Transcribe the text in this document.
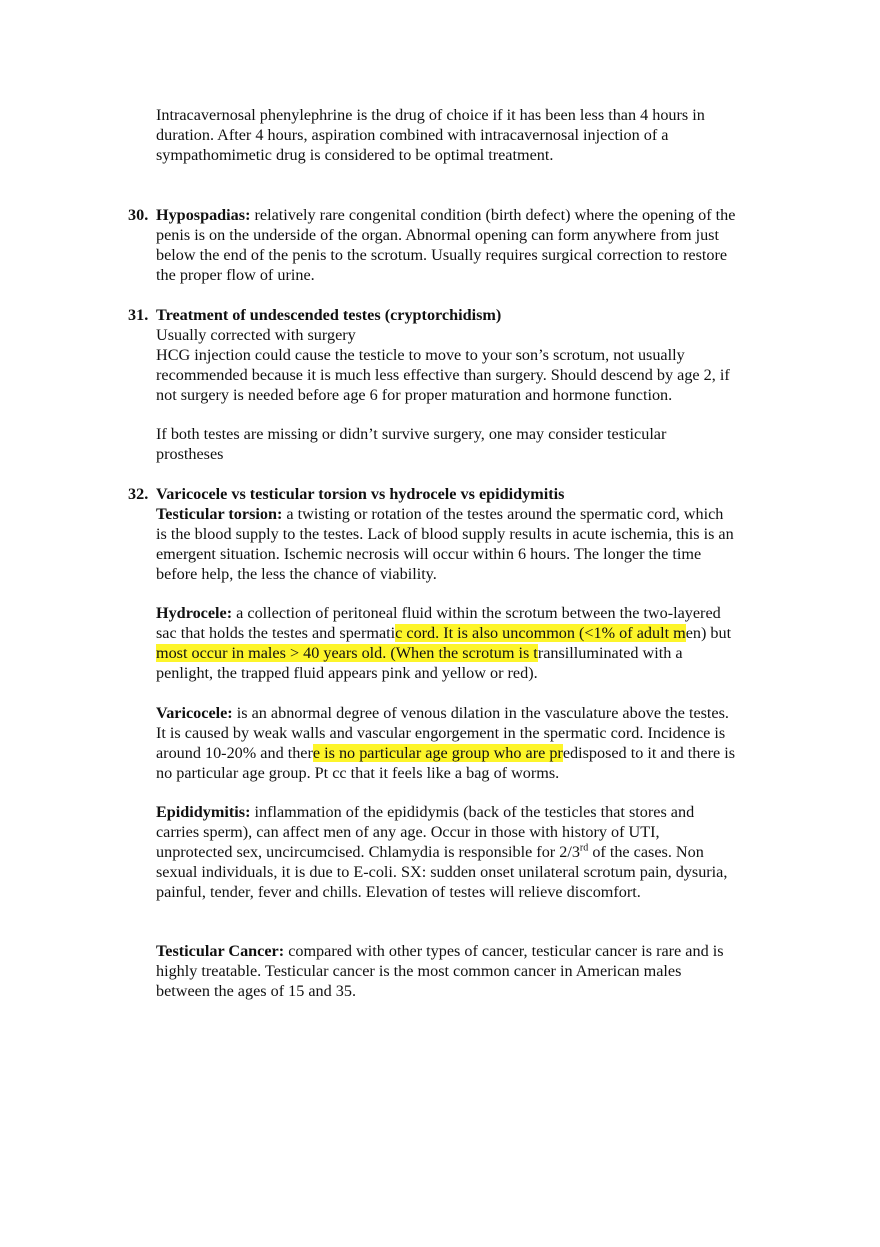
Intracavernosal phenylephrine is the drug of choice if it has been less than 4 hours in
duration. After 4 hours, aspiration combined with intracavernosal injection of a
sympathomimetic drug is considered to be optimal treatment.
30. Hypospadias: relatively rare congenital condition (birth defect) where the opening of the
penis is on the underside of the organ. Abnormal opening can form anywhere from just
below the end of the penis to the scrotum. Usually requires surgical correction to restore
the proper flow of urine.
31. Treatment of undescended testes (cryptorchidism)
Usually corrected with surgery
HCG injection could cause the testicle to move to your son’s scrotum, not usually
recommended because it is much less effective than surgery. Should descend by age 2, if
not surgery is needed before age 6 for proper maturation and hormone function.
If both testes are missing or didn’t survive surgery, one may consider testicular
prostheses
32. Varicocele vs testicular torsion vs hydrocele vs epididymitis
Testicular torsion: a twisting or rotation of the testes around the spermatic cord, which
is the blood supply to the testes. Lack of blood supply results in acute ischemia, this is an
emergent situation. Ischemic necrosis will occur within 6 hours. The longer the time
before help, the less the chance of viability.
Hydrocele: a collection of peritoneal fluid within the scrotum between the two-layered
sac that holds the testes and spermatic cord. It is also uncommon (<1% of adult men) but
most occur in males > 40 years old. (When the scrotum is transilluminated with a
penlight, the trapped fluid appears pink and yellow or red).
Varicocele: is an abnormal degree of venous dilation in the vasculature above the testes.
It is caused by weak walls and vascular engorgement in the spermatic cord. Incidence is
around 10-20% and there is no particular age group who are predisposed to it and there is
no particular age group. Pt cc that it feels like a bag of worms.
Epididymitis: inflammation of the epididymis (back of the testicles that stores and
carries sperm), can affect men of any age. Occur in those with history of UTI,
unprotected sex, uncircumcised. Chlamydia is responsible for 2/3rd of the cases. Non
sexual individuals, it is due to E-coli. SX: sudden onset unilateral scrotum pain, dysuria,
painful, tender, fever and chills. Elevation of testes will relieve discomfort.
Testicular Cancer: compared with other types of cancer, testicular cancer is rare and is
highly treatable. Testicular cancer is the most common cancer in American males
between the ages of 15 and 35.
